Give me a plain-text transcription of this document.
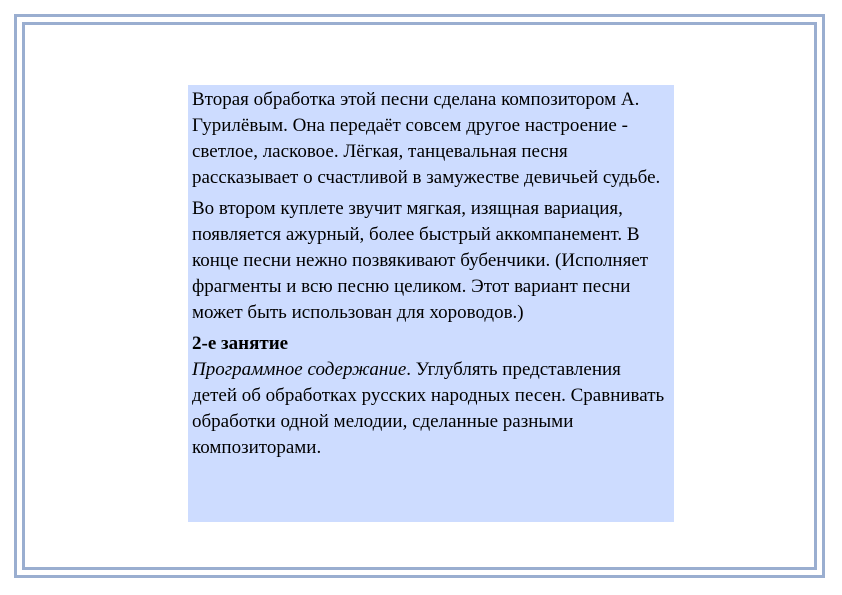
Вторая обработка этой песни сделана композитором А. Гурилёвым. Она передаёт совсем другое настроение - светлое, ласковое. Лёгкая, танцевальная песня рассказывает о счастливой в замужестве девичьей судьбе.

Во втором куплете звучит мягкая, изящная вариация, появляется ажурный, более быстрый аккомпанемент. В конце песни нежно позвякивают бубенчики. (Исполняет фрагменты и всю песню целиком. Этот вариант песни может быть использован для хороводов.)

2-е занятие

Программное содержание. Углублять представления детей об обработках русских народных песен. Сравнивать обработки одной мелодии, сделанные разными композиторами.
